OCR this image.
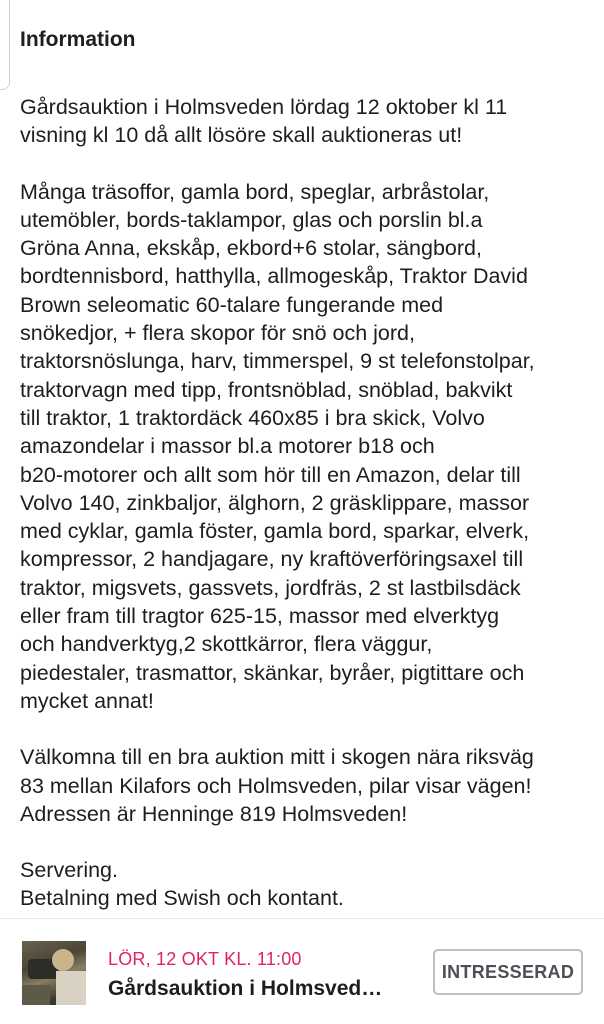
Information

Gårdsauktion i Holmsveden lördag 12 oktober kl 11
visning kl 10 då allt lösöre skall auktioneras ut!

Många träsoffor, gamla bord, speglar, arbråstolar,
utemöbler, bords-taklampor, glas och porslin bl.a
Gröna Anna, ekskåp, ekbord+6 stolar, sängbord,
bordtennisbord, hatthylla, allmogeskåp, Traktor David
Brown seleomatic 60-talare fungerande med
snökedjor, + flera skopor för snö och jord,
traktorsnöslunga, harv, timmerspel, 9 st telefonstolpar,
traktorvagn med tipp, frontsnöblad, snöblad, bakvikt
till traktor, 1 traktordäck 460x85 i bra skick, Volvo
amazondelar i massor bl.a motorer b18 och
b20-motorer och allt som hör till en Amazon, delar till
Volvo 140, zinkbaljor, älghorn, 2 gräsklippare, massor
med cyklar, gamla föster, gamla bord, sparkar, elverk,
kompressor, 2 handjagare, ny kraftöverföringsaxel till
traktor, migsvets, gassvets, jordfräs, 2 st lastbilsdäck
eller fram till tragtor 625-15, massor med elverktyg
och handverktyg,2 skottkärror, flera väggur,
piedestaler, trasmattor, skänkar, byråer, pigtittare och
mycket annat!

Välkomna till en bra auktion mitt i skogen nära riksväg
83 mellan Kilafors och Holmsveden, pilar visar vägen!
Adressen är Henninge 819 Holmsveden!

Servering.
Betalning med Swish och kontant.

LÖR, 12 OKT KL. 11:00
Gårdsauktion i Holmsved…
INTRESSERAD
